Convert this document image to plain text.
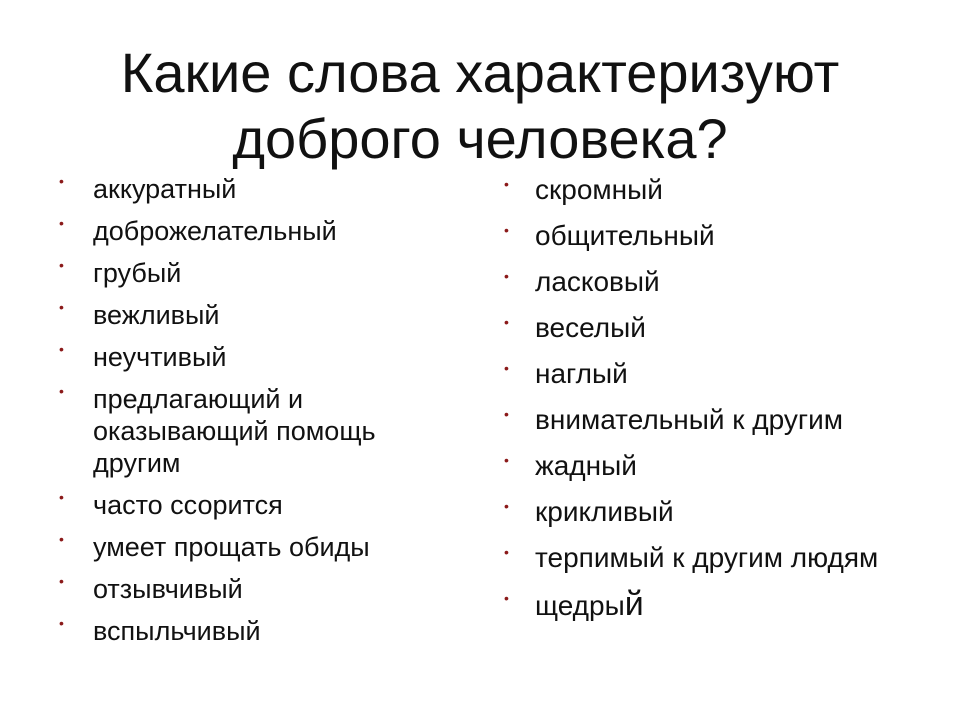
Какие слова характеризуют
доброго человека?
• аккуратный
• доброжелательный
• грубый
• вежливый
• неучтивый
• предлагающий и оказывающий помощь другим
• часто ссорится
• умеет прощать обиды
• отзывчивый
• вспыльчивый
• скромный
• общительный
• ласковый
• веселый
• наглый
• внимательный к другим
• жадный
• крикливый
• терпимый к другим людям
• щедрый
